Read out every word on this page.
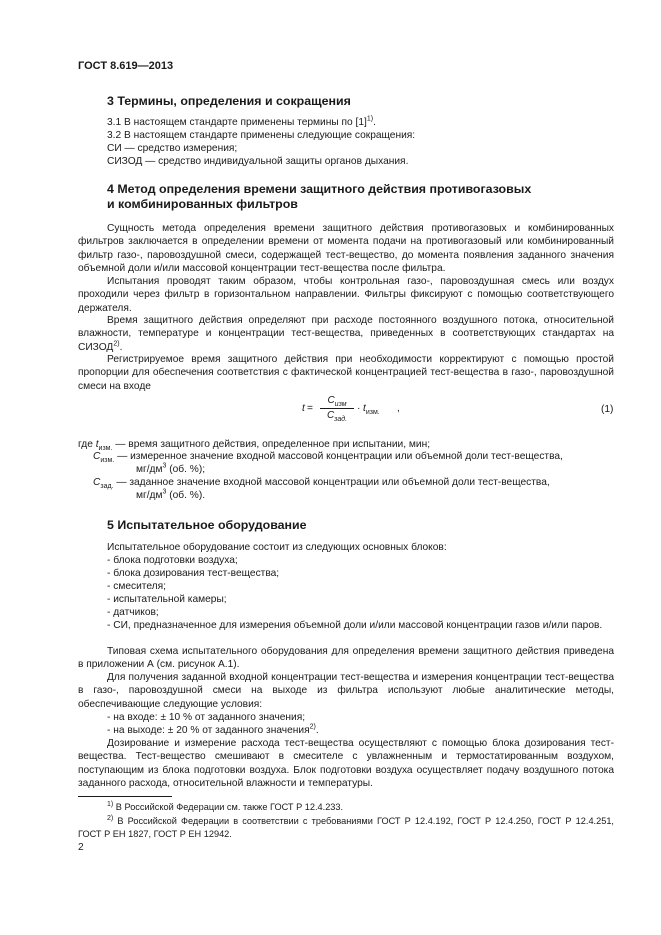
ГОСТ 8.619—2013
3 Термины, определения и сокращения
3.1 В настоящем стандарте применены термины по $[1]^{1)}$.
3.2 В настоящем стандарте применены следующие сокращения:
СИ — средство измерения;
СИЗОД — средство индивидуальной защиты органов дыхания.
4 Метод определения времени защитного действия противогазовых
и комбинированных фильтров
Сущность метода определения времени защитного действия противогазовых и комбинированных фильтров заключается в определении времени от момента подачи на противогазовый или комбинированный фильтр газо-, паровоздушной смеси, содержащей тест-вещество, до момента появления заданного значения объемной доли и/или массовой концентрации тест-вещества после фильтра.
Испытания проводят таким образом, чтобы контрольная газо-, паровоздушная смесь или воздух проходили через фильтр в горизонтальном направлении. Фильтры фиксируют с помощью соответствующего держателя.
Время защитного действия определяют при расходе постоянного воздушного потока, относительной влажности, температуре и концентрации тест-вещества, приведенных в соответствующих стандартах на СИЗОД$^{2)}$.
Регистрируемое время защитного действия при необходимости корректируют с помощью простой пропорции для обеспечения соответствия с фактической концентрацией тест-вещества в газо-, паровоздушной смеси на входе
t =
$C_{изм}$
$C_{зад.}$
· $t_{изм.}$ ,	(1)
где $t_{изм.}$ — время защитного действия, определенное при испытании, мин;
$C_{изм.}$ — измеренное значение входной массовой концентрации или объемной доли тест-вещества,
$мг/дм^3$ (об. %);
$C_{зад.}$ — заданное значение входной массовой концентрации или объемной доли тест-вещества,
$мг/дм^3$ (об. %).
5 Испытательное оборудование
Испытательное оборудование состоит из следующих основных блоков:
- блока подготовки воздуха;
- блока дозирования тест-вещества;
- смесителя;
- испытательной камеры;
- датчиков;
- СИ, предназначенное для измерения объемной доли и/или массовой концентрации газов и/или паров.
Типовая схема испытательного оборудования для определения времени защитного действия приведена в приложении А (см. рисунок А.1).
Для получения заданной входной концентрации тест-вещества и измерения концентрации тест-вещества в газо-, паровоздушной смеси на выходе из фильтра используют любые аналитические методы, обеспечивающие следующие условия:
- на входе: ± 10 % от заданного значения;
- на выходе: ± 20 % от заданного значения$^{2)}$.
Дозирование и измерение расхода тест-вещества осуществляют с помощью блока дозирования тест-вещества. Тест-вещество смешивают в смесителе с увлажненным и термостатированным воздухом, поступающим из блока подготовки воздуха. Блок подготовки воздуха осуществляет подачу воздушного потока заданного расхода, относительной влажности и температуры.
$^{1)}$ В Российской Федерации см. также ГОСТ Р 12.4.233.
$^{2)}$ В Российской Федерации в соответствии с требованиями ГОСТ Р 12.4.192, ГОСТ Р 12.4.250, ГОСТ Р 12.4.251, ГОСТ Р ЕН 1827, ГОСТ Р ЕН 12942.
2
